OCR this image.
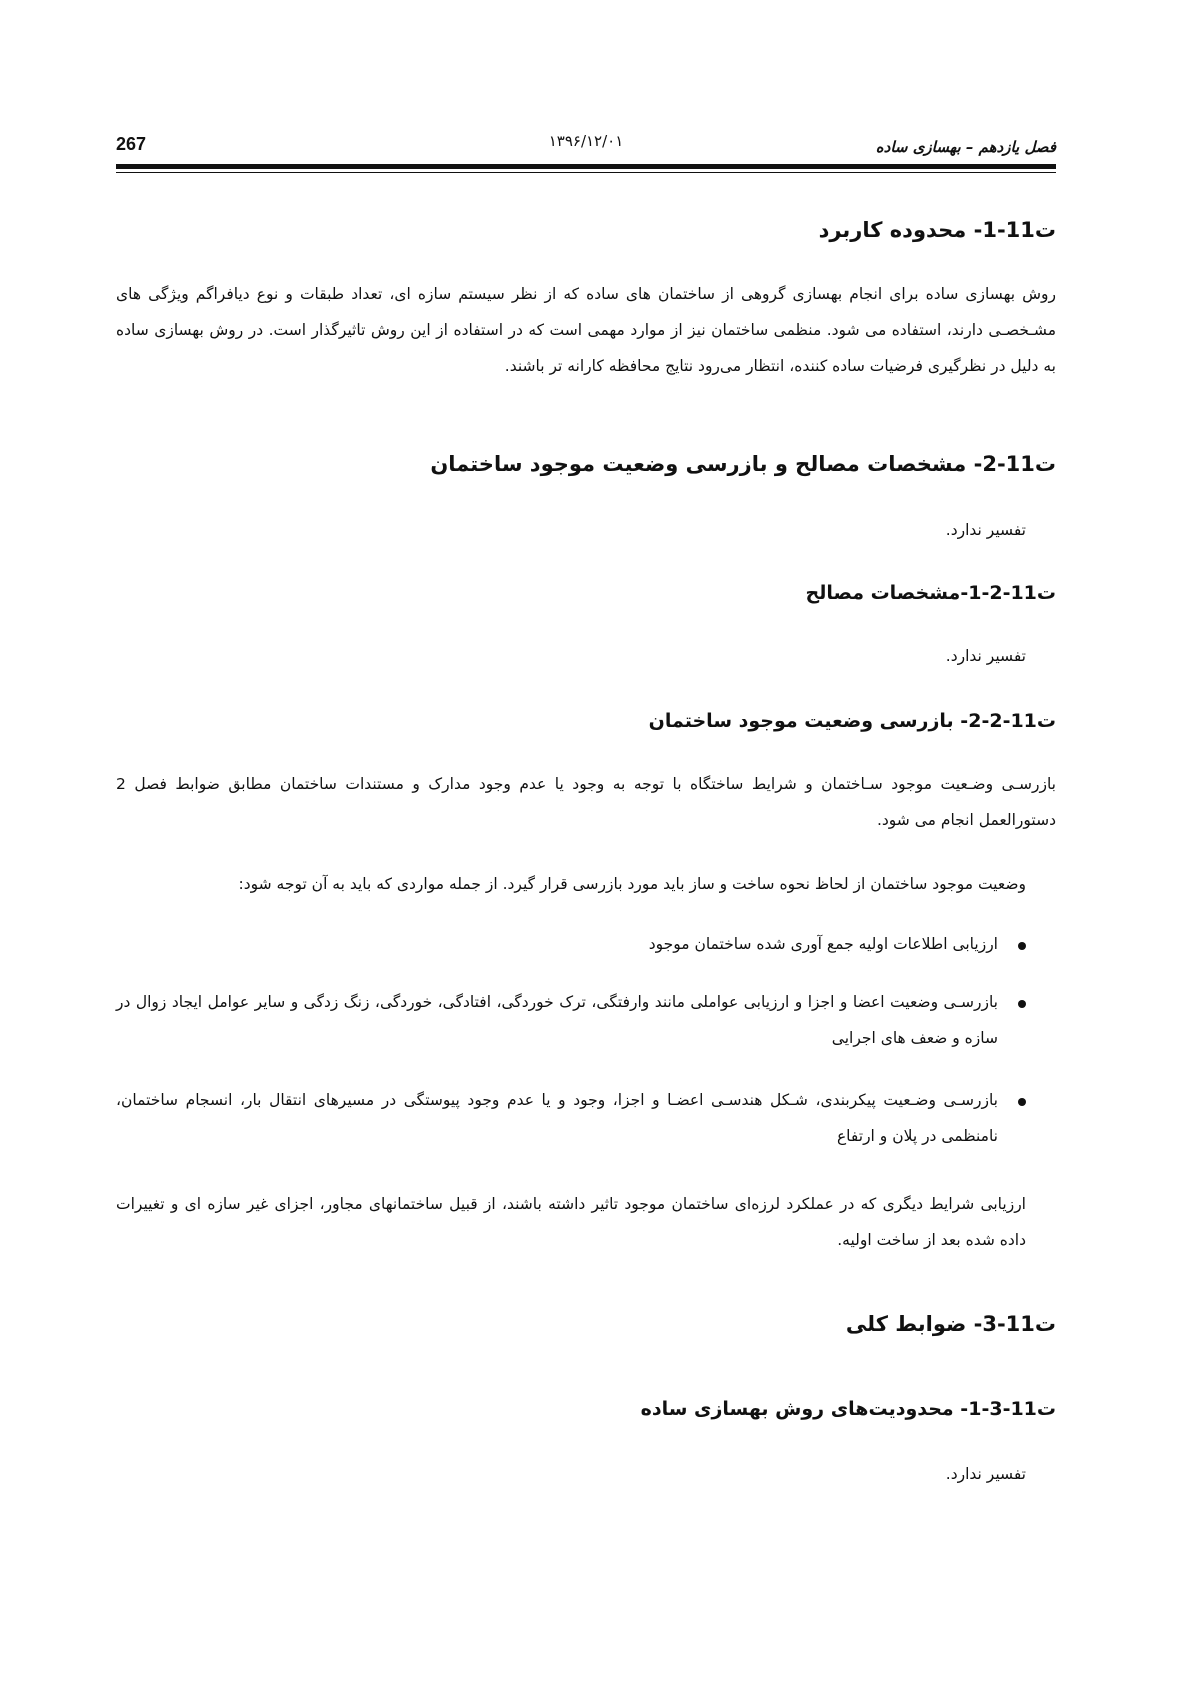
267	۱۳۹۶/۱۲/۰۱	فصل یازدهم – بهسازی ساده
ت11-1- محدوده کاربرد
روش بهسازی ساده برای انجام بهسازی گروهی از ساختمان های ساده که از نظر سیستم سازه ای، تعداد طبقات و نوع دیافراگم ویژگی های مشـخصـی دارند، استفاده می شود. منظمی ساختمان نیز از موارد مهمی است که در استفاده از این روش تاثیرگذار است. در روش بهسازی ساده به دلیل در نظرگیری فرضیات ساده کننده، انتظار می‌رود نتایج محافظه کارانه تر باشند.
ت11-2- مشخصات مصالح و بازرسی وضعیت موجود ساختمان
تفسیر ندارد.
ت11-2-1-مشخصات مصالح
تفسیر ندارد.
ت11-2-2- بازرسی وضعیت موجود ساختمان
بازرسـی وضـعیت موجود سـاختمان و شرایط ساختگاه با توجه به وجود یا عدم وجود مدارک و مستندات ساختمان مطابق ضوابط فصل 2 دستورالعمل انجام می شود.
وضعیت موجود ساختمان از لحاظ نحوه ساخت و ساز باید مورد بازرسی قرار گیرد. از جمله مواردی که باید به آن توجه شود:
ارزیابی اطلاعات اولیه جمع آوری شده ساختمان موجود
بازرسـی وضعیت اعضا و اجزا و ارزیابی عواملی مانند وارفتگی، ترک خوردگی، افتادگی، خوردگی، زنگ زدگی و سایر عوامل ایجاد زوال در سازه و ضعف های اجرایی
بازرسـی وضـعیت پیکربندی، شـکل هندسـی اعضـا و اجزا، وجود و یا عدم وجود پیوستگی در مسیرهای انتقال بار، انسجام ساختمان، نامنظمی در پلان و ارتفاع
ارزیابی شرایط دیگری که در عملکرد لرزه‌ای ساختمان موجود تاثیر داشته باشند، از قبیل ساختمانهای مجاور، اجزای غیر سازه ای و تغییرات داده شده بعد از ساخت اولیه.
ت11-3- ضوابط کلی
ت11-3-1- محدودیت‌های روش بهسازی ساده
تفسیر ندارد.
